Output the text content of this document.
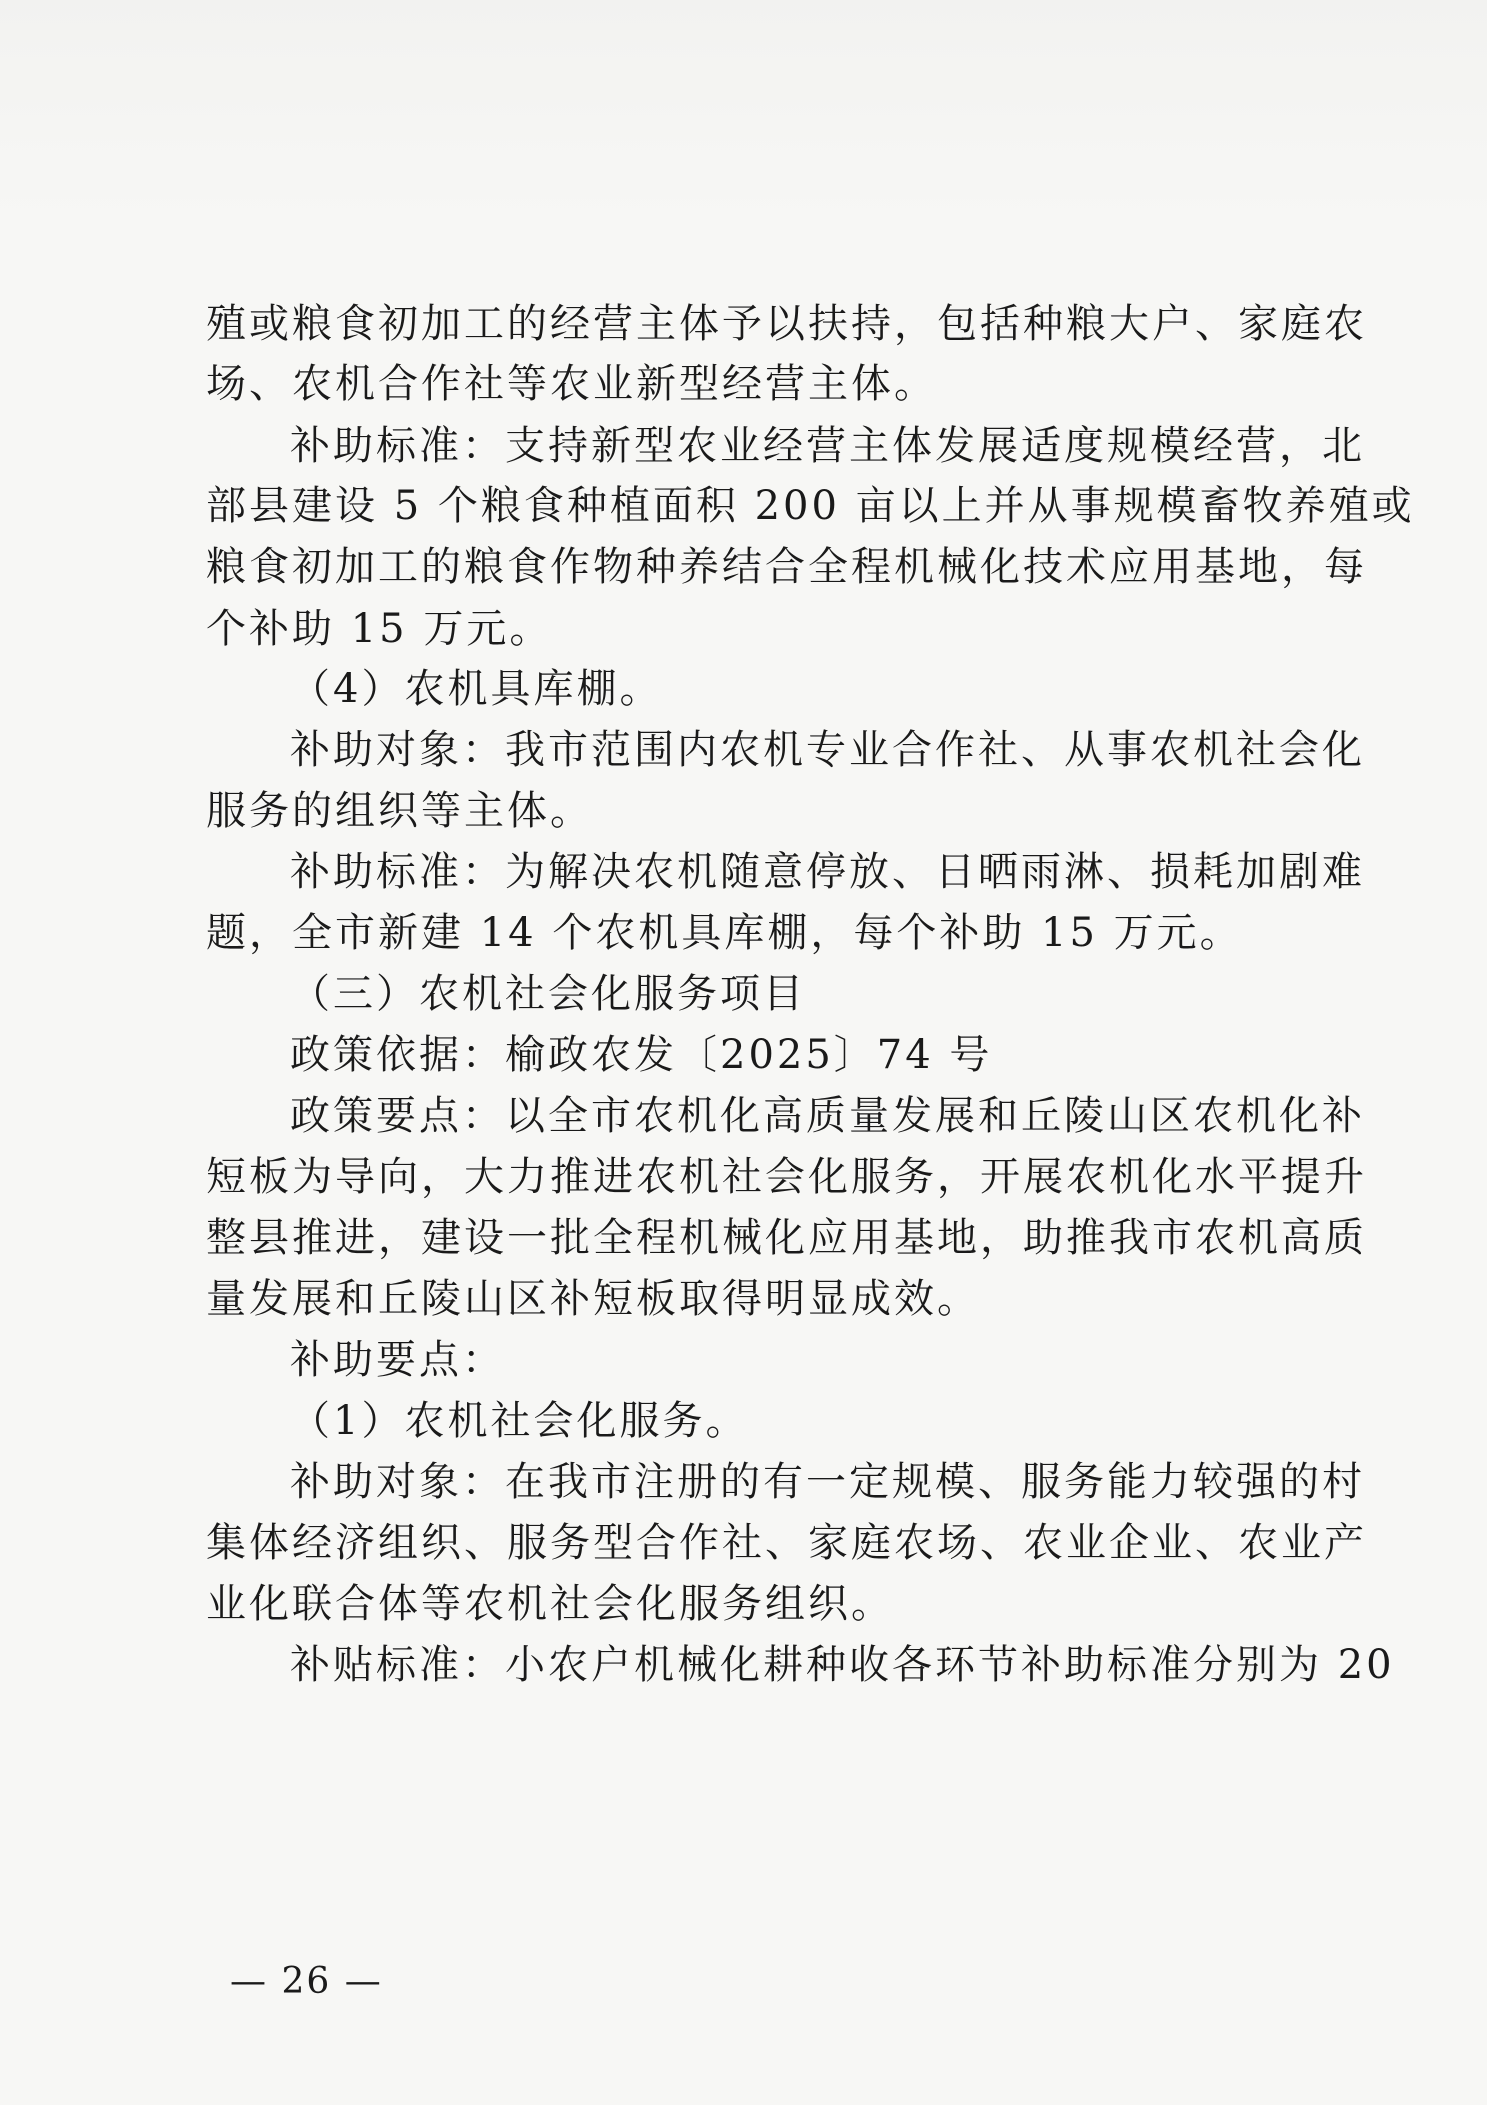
殖或粮食初加工的经营主体予以扶持，包括种粮大户、家庭农
场、农机合作社等农业新型经营主体。
补助标准：支持新型农业经营主体发展适度规模经营，北
部县建设 5 个粮食种植面积 200 亩以上并从事规模畜牧养殖或
粮食初加工的粮食作物种养结合全程机械化技术应用基地，每
个补助 15 万元。
（4）农机具库棚。
补助对象：我市范围内农机专业合作社、从事农机社会化
服务的组织等主体。
补助标准：为解决农机随意停放、日晒雨淋、损耗加剧难
题，全市新建 14 个农机具库棚，每个补助 15 万元。
（三）农机社会化服务项目
政策依据：榆政农发〔2025〕74 号
政策要点：以全市农机化高质量发展和丘陵山区农机化补
短板为导向，大力推进农机社会化服务，开展农机化水平提升
整县推进，建设一批全程机械化应用基地，助推我市农机高质
量发展和丘陵山区补短板取得明显成效。
补助要点：
（1）农机社会化服务。
补助对象：在我市注册的有一定规模、服务能力较强的村
集体经济组织、服务型合作社、家庭农场、农业企业、农业产
业化联合体等农机社会化服务组织。
补贴标准：小农户机械化耕种收各环节补助标准分别为 20
— 26 —
